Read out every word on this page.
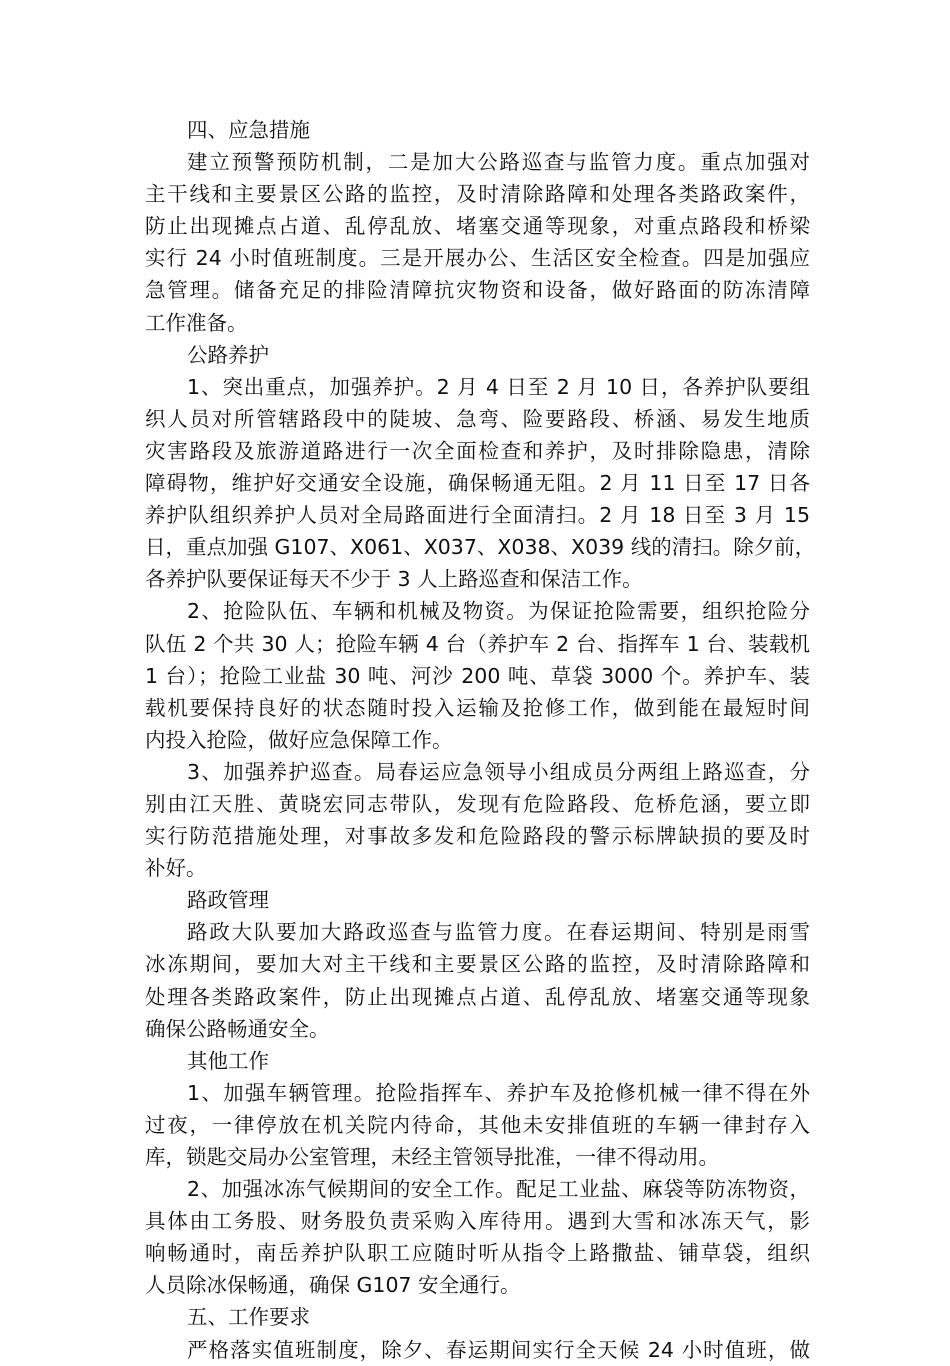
四、应急措施
建立预警预防机制，二是加大公路巡查与监管力度。重点加强对
主干线和主要景区公路的监控，及时清除路障和处理各类路政案件，
防止出现摊点占道、乱停乱放、堵塞交通等现象，对重点路段和桥梁
实行 24 小时值班制度。三是开展办公、生活区安全检查。四是加强应
急管理。储备充足的排险清障抗灾物资和设备，做好路面的防冻清障
工作准备。
公路养护
1、突出重点，加强养护。2 月 4 日至 2 月 10 日，各养护队要组
织人员对所管辖路段中的陡坡、急弯、险要路段、桥涵、易发生地质
灾害路段及旅游道路进行一次全面检查和养护，及时排除隐患，清除
障碍物，维护好交通安全设施，确保畅通无阻。2 月 11 日至 17 日各
养护队组织养护人员对全局路面进行全面清扫。2 月 18 日至 3 月 15
日，重点加强 G107、X061、X037、X038、X039 线的清扫。除夕前，
各养护队要保证每天不少于 3 人上路巡查和保洁工作。
2、抢险队伍、车辆和机械及物资。为保证抢险需要，组织抢险分
队伍 2 个共 30 人；抢险车辆 4 台（养护车 2 台、指挥车 1 台、装载机
1 台）；抢险工业盐 30 吨、河沙 200 吨、草袋 3000 个。养护车、装
载机要保持良好的状态随时投入运输及抢修工作，做到能在最短时间
内投入抢险，做好应急保障工作。
3、加强养护巡查。局春运应急领导小组成员分两组上路巡查，分
别由江天胜、黄晓宏同志带队，发现有危险路段、危桥危涵，要立即
实行防范措施处理，对事故多发和危险路段的警示标牌缺损的要及时
补好。
路政管理
路政大队要加大路政巡查与监管力度。在春运期间、特别是雨雪
冰冻期间，要加大对主干线和主要景区公路的监控，及时清除路障和
处理各类路政案件，防止出现摊点占道、乱停乱放、堵塞交通等现象
确保公路畅通安全。
其他工作
1、加强车辆管理。抢险指挥车、养护车及抢修机械一律不得在外
过夜，一律停放在机关院内待命，其他未安排值班的车辆一律封存入
库，锁匙交局办公室管理，未经主管领导批准，一律不得动用。
2、加强冰冻气候期间的安全工作。配足工业盐、麻袋等防冻物资，
具体由工务股、财务股负责采购入库待用。遇到大雪和冰冻天气，影
响畅通时，南岳养护队职工应随时听从指令上路撒盐、铺草袋，组织
人员除冰保畅通，确保 G107 安全通行。
五、工作要求
严格落实值班制度，除夕、春运期间实行全天候 24 小时值班，做
